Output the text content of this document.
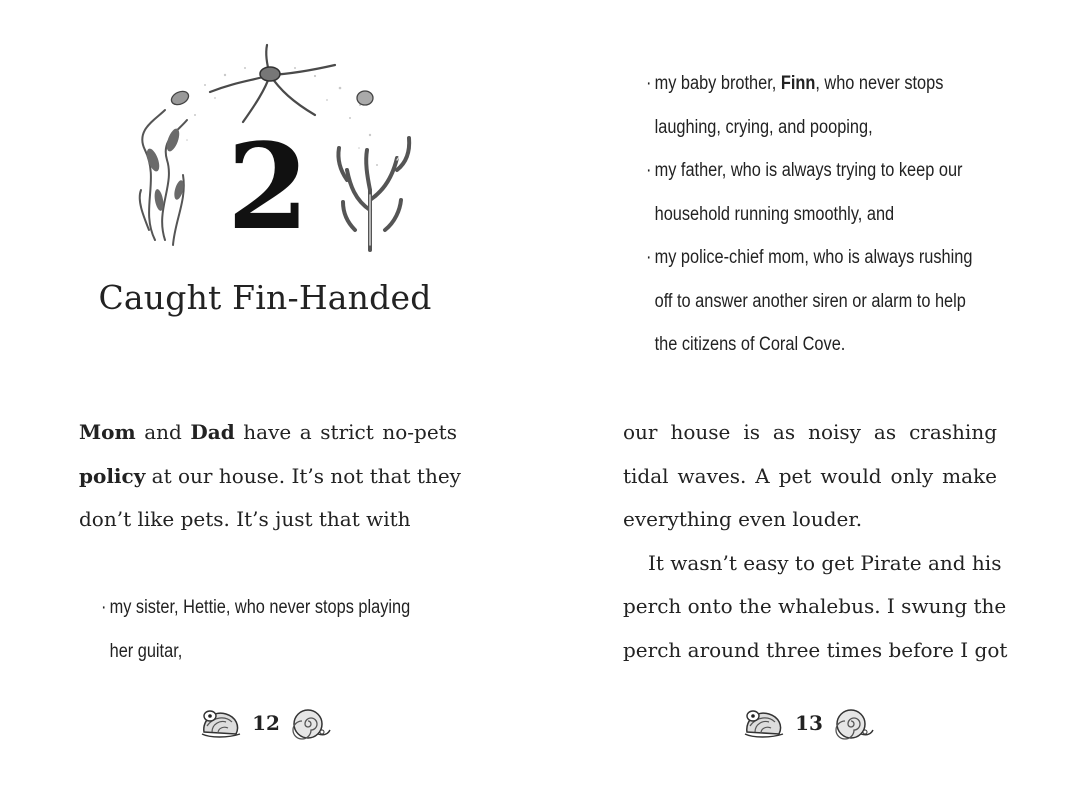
2
Caught Fin-Handed
Mom and Dad have a strict no-pets
policy at our house. It’s not that they
don’t like pets. It’s just that with
· my sister, Hettie, who never stops playing
her guitar,
12
· my baby brother, Finn, who never stops
laughing, crying, and pooping,
· my father, who is always trying to keep our
household running smoothly, and
· my police-chief mom, who is always rushing
off to answer another siren or alarm to help
the citizens of Coral Cove.
our house is as noisy as crashing
tidal waves. A pet would only make
everything even louder.
It wasn’t easy to get Pirate and his
perch onto the whalebus. I swung the
perch around three times before I got
13
